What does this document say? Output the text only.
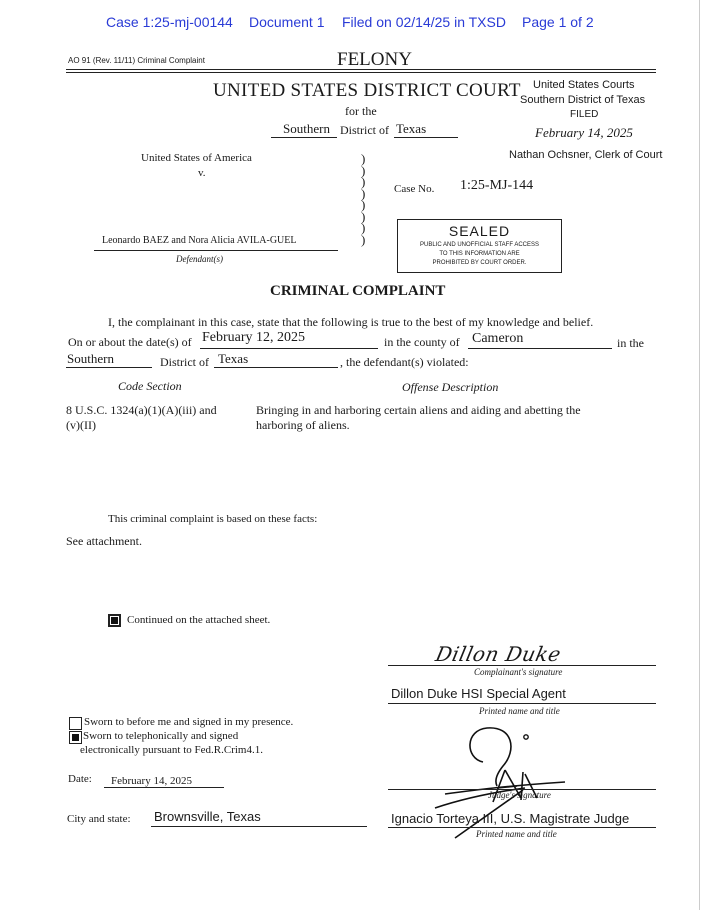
Case 1:25-mj-00144 Document 1 Filed on 02/14/25 in TXSD Page 1 of 2
AO 91 (Rev. 11/11) Criminal Complaint	FELONY
UNITED STATES DISTRICT COURT
for the
Southern District of Texas
United States Courts
Southern District of Texas
FILED
February 14, 2025
Nathan Ochsner, Clerk of Court
United States of America
v.
Leonardo BAEZ and Nora Alicia AVILA-GUEL
Defendant(s)
)
)
)
)
)
)
)
)
Case No. 1:25-MJ-144
SEALED
PUBLIC AND UNOFFICIAL STAFF ACCESS
TO THIS INFORMATION ARE
PROHIBITED BY COURT ORDER.
CRIMINAL COMPLAINT
I, the complainant in this case, state that the following is true to the best of my knowledge and belief.
On or about the date(s) of February 12, 2025	in the county of Cameron	in the
Southern	District of Texas	, the defendant(s) violated:
Code Section	Offense Description
8 U.S.C. 1324(a)(1)(A)(iii) and
(v)(II)
Bringing in and harboring certain aliens and aiding and abetting the
harboring of aliens.
This criminal complaint is based on these facts:
See attachment.
Continued on the attached sheet.
Dillon Duke
Complainant's signature
Dillon Duke HSI Special Agent
Printed name and title
Sworn to before me and signed in my presence.
Sworn to telephonically and signed
electronically pursuant to Fed.R.Crim4.1.
Date: February 14, 2025
Judge's signature
City and state: Brownsville, Texas	Ignacio Torteya III, U.S. Magistrate Judge
Printed name and title
